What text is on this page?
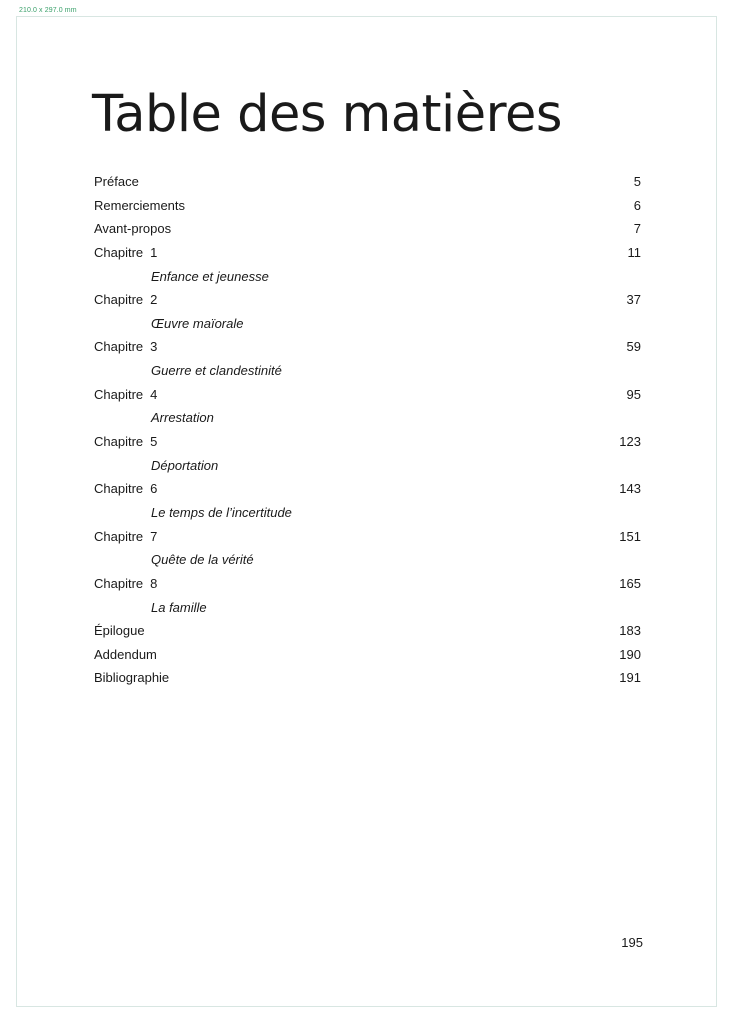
210.0 x 297.0 mm
Table des matières
Préface	5
Remerciements	6
Avant-propos	7
Chapitre 1	11
Enfance et jeunesse
Chapitre 2	37
Œuvre maïorale
Chapitre 3	59
Guerre et clandestinité
Chapitre 4	95
Arrestation
Chapitre 5	123
Déportation
Chapitre 6	143
Le temps de l’incertitude
Chapitre 7	151
Quête de la vérité
Chapitre 8	165
La famille
Épilogue	183
Addendum	190
Bibliographie	191
195
